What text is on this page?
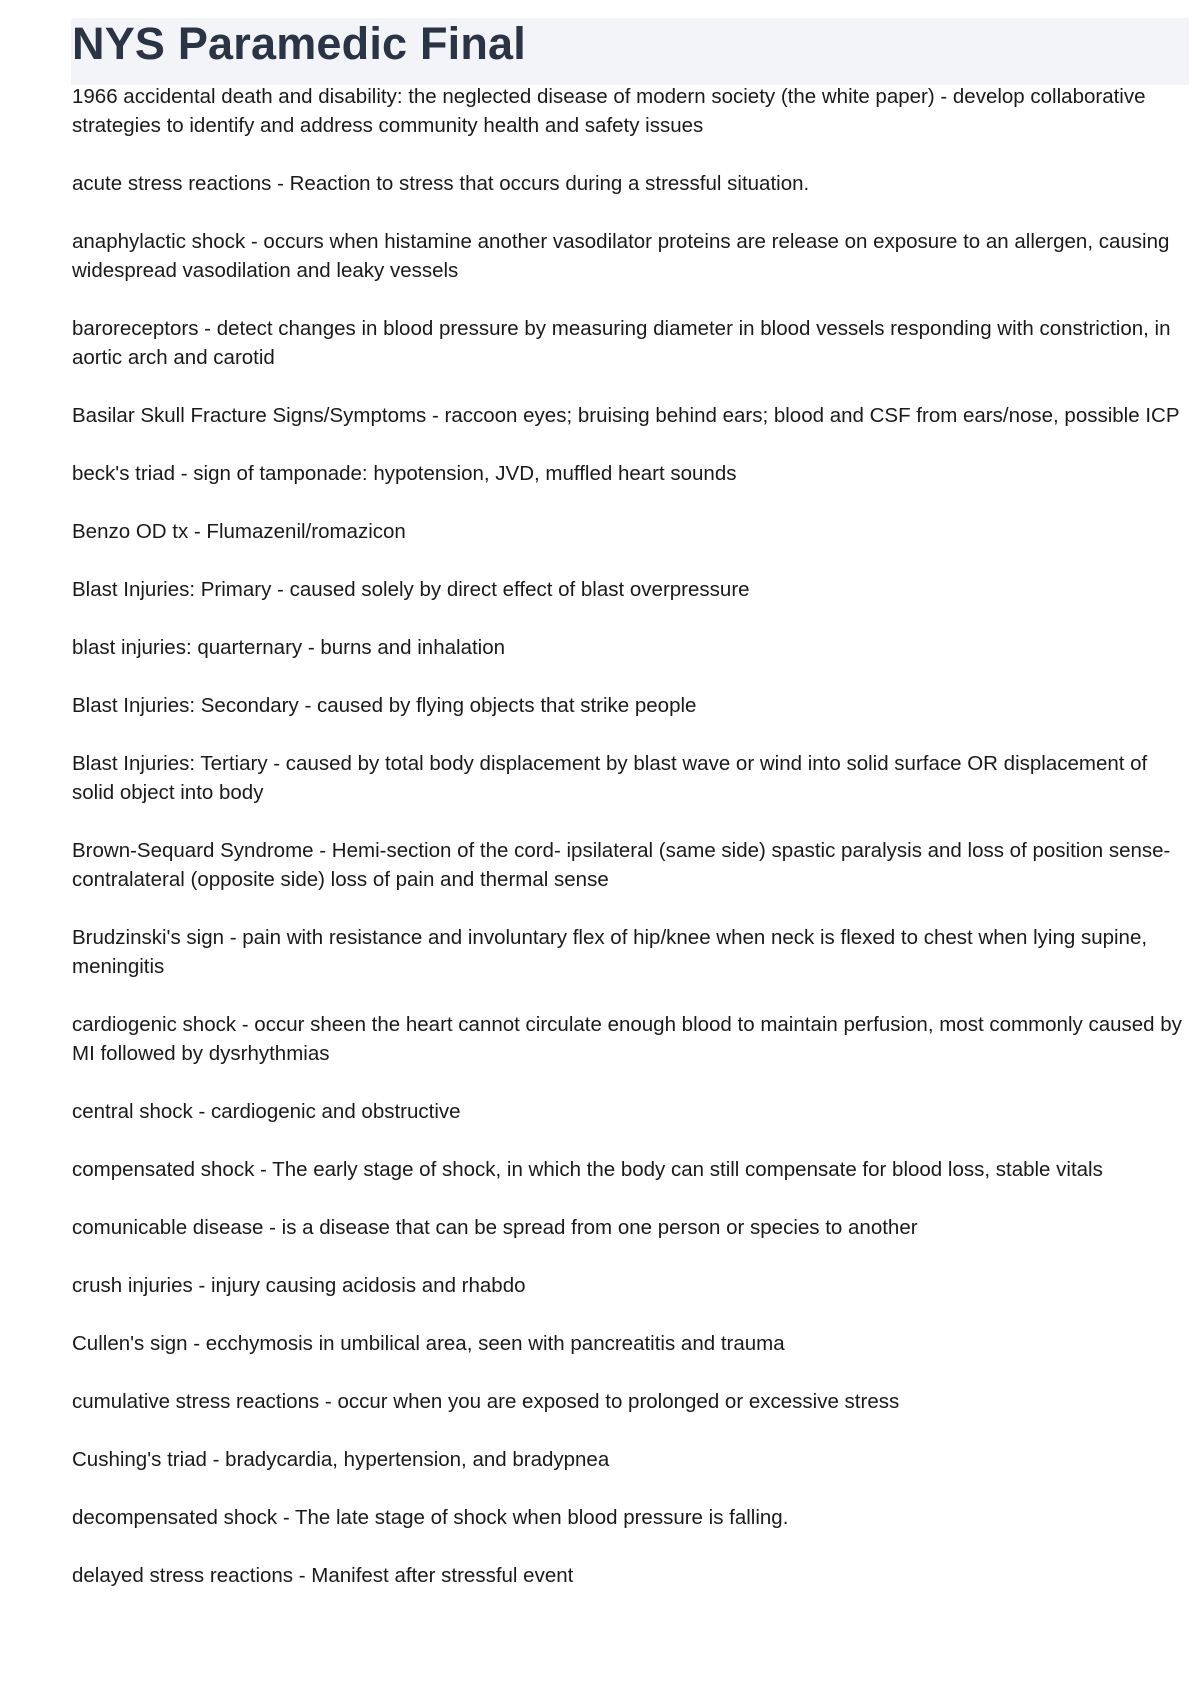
NYS Paramedic Final
1966 accidental death and disability: the neglected disease of modern society (the white paper) - develop collaborative strategies to identify and address community health and safety issues
acute stress reactions - Reaction to stress that occurs during a stressful situation.
anaphylactic shock - occurs when histamine another vasodilator proteins are release on exposure to an allergen, causing widespread vasodilation and leaky vessels
baroreceptors - detect changes in blood pressure by measuring diameter in blood vessels responding with constriction, in aortic arch and carotid
Basilar Skull Fracture Signs/Symptoms - raccoon eyes; bruising behind ears; blood and CSF from ears/nose, possible ICP
beck's triad - sign of tamponade: hypotension, JVD, muffled heart sounds
Benzo OD tx - Flumazenil/romazicon
Blast Injuries: Primary - caused solely by direct effect of blast overpressure
blast injuries: quarternary - burns and inhalation
Blast Injuries: Secondary - caused by flying objects that strike people
Blast Injuries: Tertiary - caused by total body displacement by blast wave or wind into solid surface OR displacement of solid object into body
Brown-Sequard Syndrome - Hemi-section of the cord- ipsilateral (same side) spastic paralysis and loss of position sense- contralateral (opposite side) loss of pain and thermal sense
Brudzinski's sign - pain with resistance and involuntary flex of hip/knee when neck is flexed to chest when lying supine, meningitis
cardiogenic shock - occur sheen the heart cannot circulate enough blood to maintain perfusion, most commonly caused by MI followed by dysrhythmias
central shock - cardiogenic and obstructive
compensated shock - The early stage of shock, in which the body can still compensate for blood loss, stable vitals
comunicable disease - is a disease that can be spread from one person or species to another
crush injuries - injury causing acidosis and rhabdo
Cullen's sign - ecchymosis in umbilical area, seen with pancreatitis and trauma
cumulative stress reactions - occur when you are exposed to prolonged or excessive stress
Cushing's triad - bradycardia, hypertension, and bradypnea
decompensated shock - The late stage of shock when blood pressure is falling.
delayed stress reactions - Manifest after stressful event
